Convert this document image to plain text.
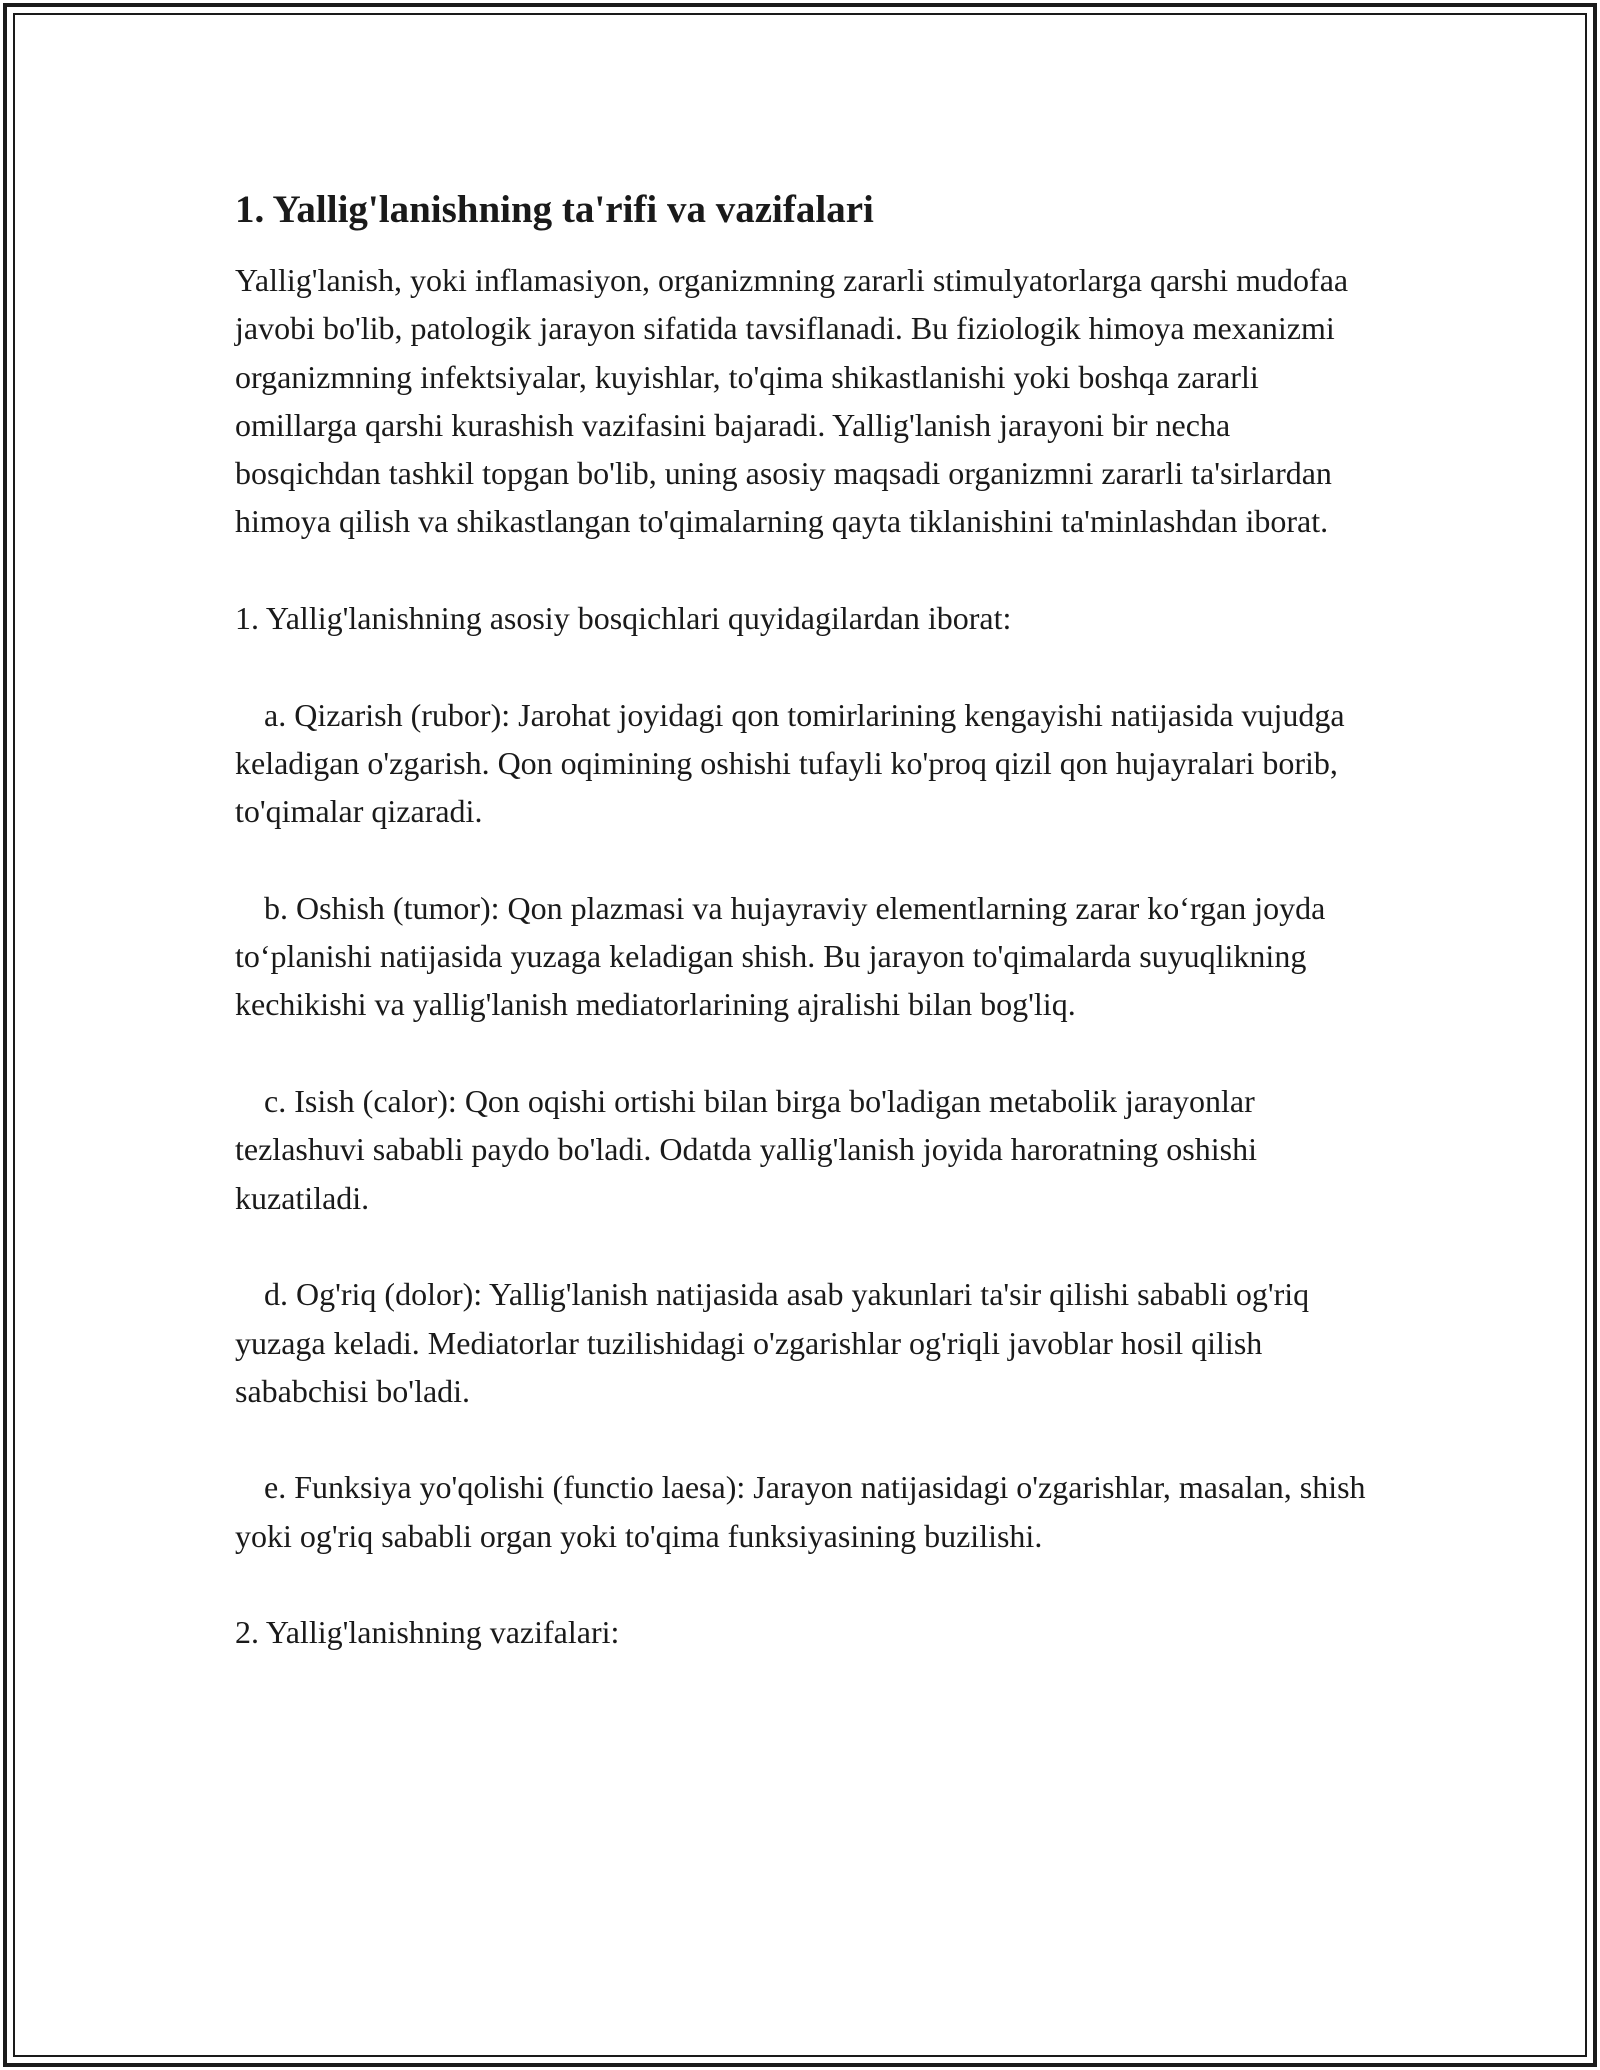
1. Yallig'lanishning ta'rifi va vazifalari

Yallig'lanish, yoki inflamasiyon, organizmning zararli stimulyatorlarga qarshi mudofaa javobi bo'lib, patologik jarayon sifatida tavsiflanadi. Bu fiziologik himoya mexanizmi organizmning infektsiyalar, kuyishlar, to'qima shikastlanishi yoki boshqa zararli omillarga qarshi kurashish vazifasini bajaradi. Yallig'lanish jarayoni bir necha bosqichdan tashkil topgan bo'lib, uning asosiy maqsadi organizmni zararli ta'sirlardan himoya qilish va shikastlangan to'qimalarning qayta tiklanishini ta'minlashdan iborat.

1. Yallig'lanishning asosiy bosqichlari quyidagilardan iborat:

a. Qizarish (rubor): Jarohat joyidagi qon tomirlarining kengayishi natijasida vujudga keladigan o'zgarish. Qon oqimining oshishi tufayli ko'proq qizil qon hujayralari borib, to'qimalar qizaradi.

b. Oshish (tumor): Qon plazmasi va hujayraviy elementlarning zarar koʻrgan joyda toʻplanishi natijasida yuzaga keladigan shish. Bu jarayon to'qimalarda suyuqlikning kechikishi va yallig'lanish mediatorlarining ajralishi bilan bog'liq.

c. Isish (calor): Qon oqishi ortishi bilan birga bo'ladigan metabolik jarayonlar tezlashuvi sababli paydo bo'ladi. Odatda yallig'lanish joyida haroratning oshishi kuzatiladi.

d. Og'riq (dolor): Yallig'lanish natijasida asab yakunlari ta'sir qilishi sababli og'riq yuzaga keladi. Mediatorlar tuzilishidagi o'zgarishlar og'riqli javoblar hosil qilish sababchisi bo'ladi.

e. Funksiya yo'qolishi (functio laesa): Jarayon natijasidagi o'zgarishlar, masalan, shish yoki og'riq sababli organ yoki to'qima funksiyasining buzilishi.

2. Yallig'lanishning vazifalari:
